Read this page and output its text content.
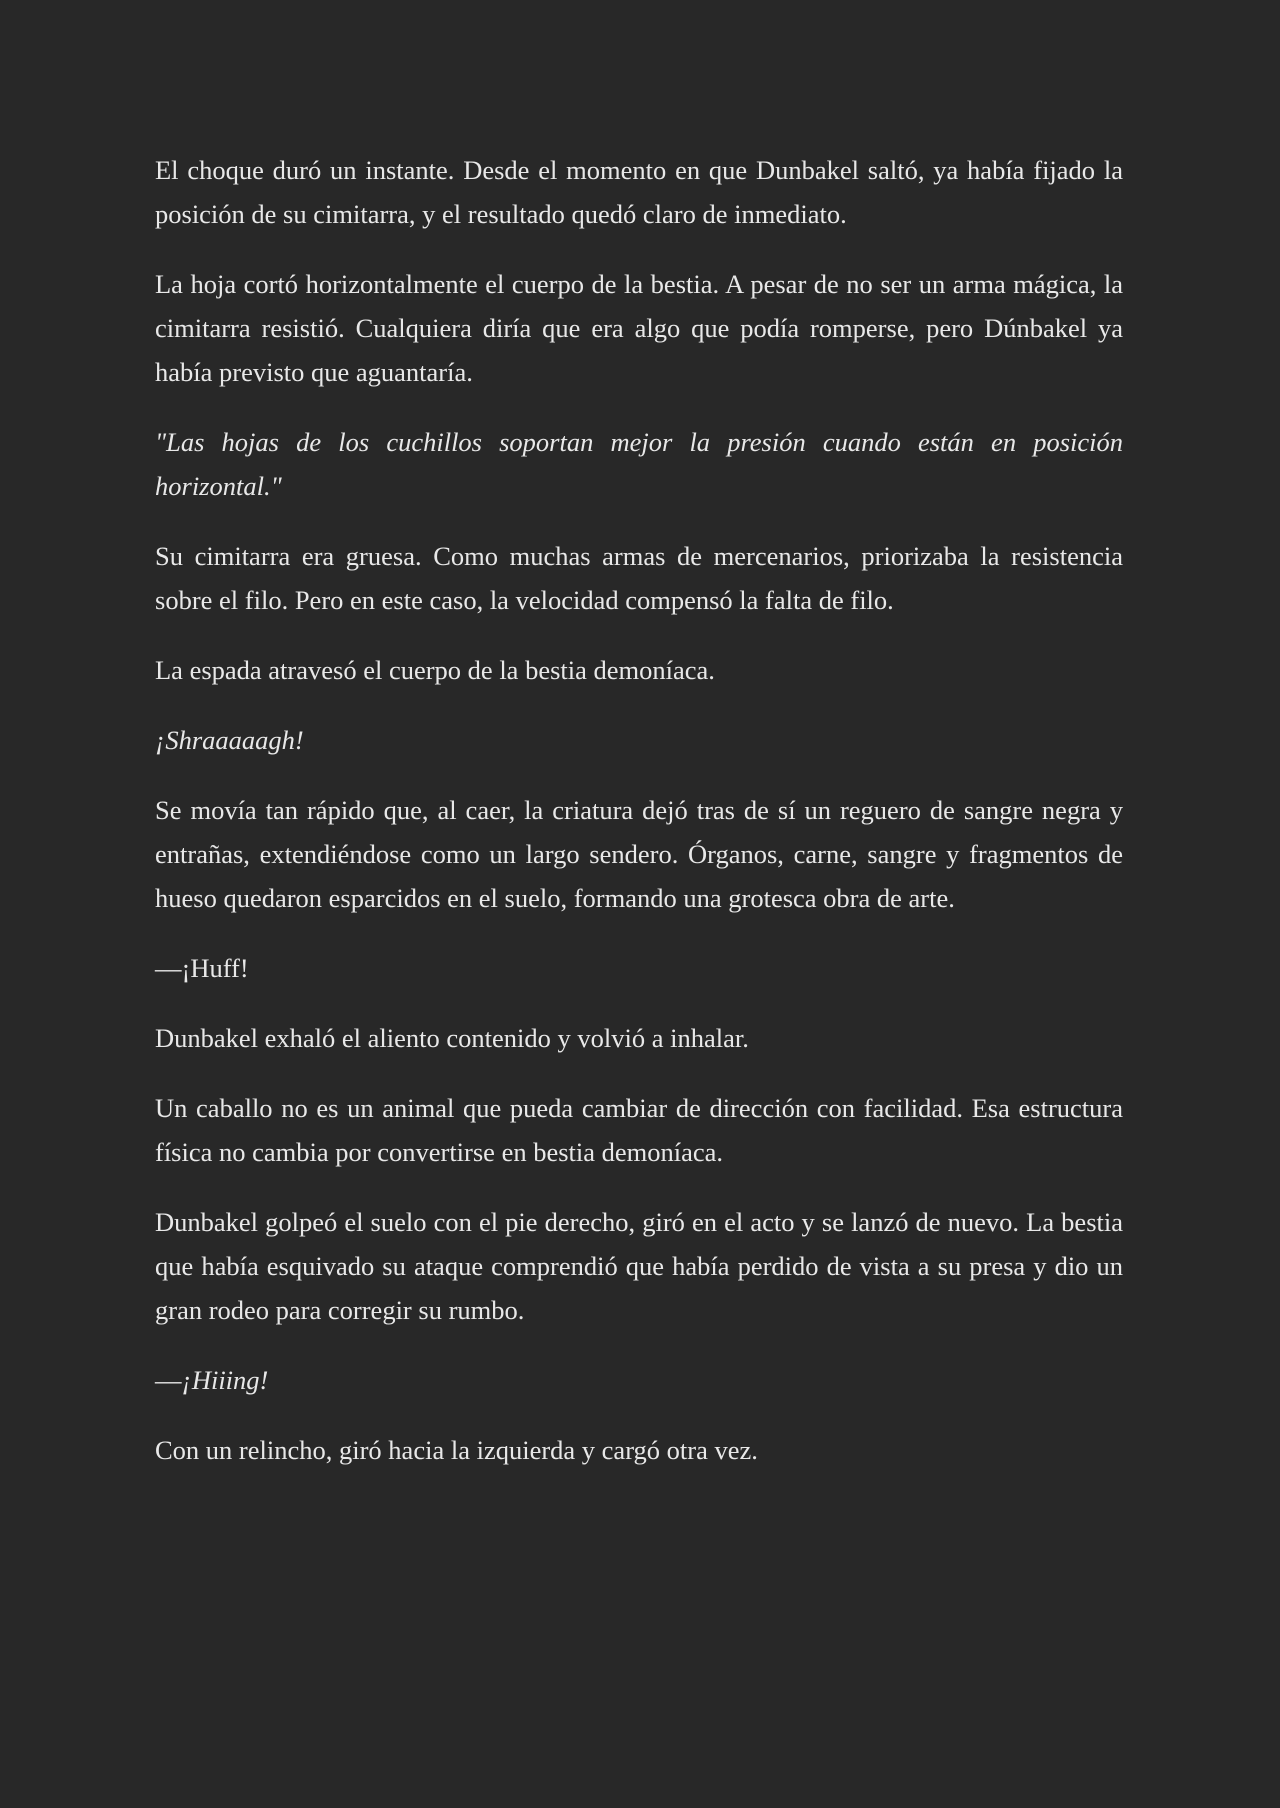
El choque duró un instante. Desde el momento en que Dunbakel saltó, ya había fijado la posición de su cimitarra, y el resultado quedó claro de inmediato.

La hoja cortó horizontalmente el cuerpo de la bestia. A pesar de no ser un arma mágica, la cimitarra resistió. Cualquiera diría que era algo que podía romperse, pero Dúnbakel ya había previsto que aguantaría.

"Las hojas de los cuchillos soportan mejor la presión cuando están en posición horizontal."

Su cimitarra era gruesa. Como muchas armas de mercenarios, priorizaba la resistencia sobre el filo. Pero en este caso, la velocidad compensó la falta de filo.

La espada atravesó el cuerpo de la bestia demoníaca.

¡Shraaaaagh!

Se movía tan rápido que, al caer, la criatura dejó tras de sí un reguero de sangre negra y entrañas, extendiéndose como un largo sendero. Órganos, carne, sangre y fragmentos de hueso quedaron esparcidos en el suelo, formando una grotesca obra de arte.

—¡Huff!

Dunbakel exhaló el aliento contenido y volvió a inhalar.

Un caballo no es un animal que pueda cambiar de dirección con facilidad. Esa estructura física no cambia por convertirse en bestia demoníaca.

Dunbakel golpeó el suelo con el pie derecho, giró en el acto y se lanzó de nuevo. La bestia que había esquivado su ataque comprendió que había perdido de vista a su presa y dio un gran rodeo para corregir su rumbo.

—¡Hiiing!

Con un relincho, giró hacia la izquierda y cargó otra vez.
